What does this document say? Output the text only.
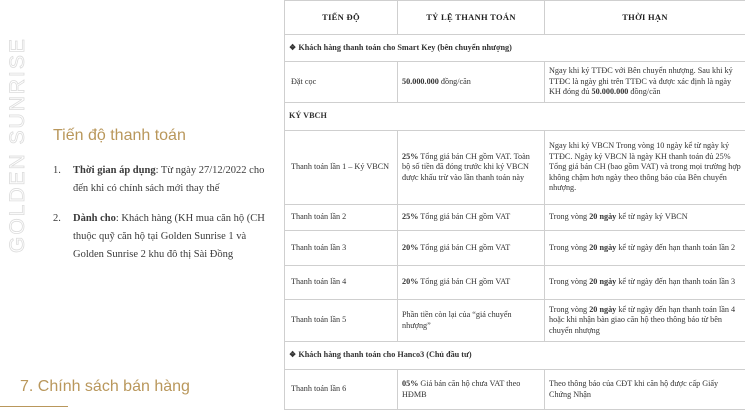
GOLDEN SUNRISE Tiến độ thanh toán
1.	Thời gian áp dụng: Từ ngày 27/12/2022 cho đến khi có chính sách mới thay thế
2.	Dành cho: Khách hàng (KH mua căn hộ (CH thuộc quỹ căn hộ tại Golden Sunrise 1 và Golden Sunrise 2 khu đô thị Sài Đồng
7. Chính sách bán hàng
TIẾN ĐỘ	TỶ LỆ THANH TOÁN	THỜI HẠN
❖ Khách hàng thanh toán cho Smart Key (bên chuyển nhượng)		
Đặt cọc	50.000.000 đồng/căn	Ngay khi ký TTĐC với Bên chuyển nhượng. Sau khi ký TTĐC là ngày ghi trên TTĐC và được xác định là ngày KH đóng đủ 50.000.000 đồng/căn
KÝ VBCH		
Thanh toán lần 1 – Ký VBCN	25% Tổng giá bán CH gồm VAT. Toàn bộ số tiền đã đóng trước khi ký VBCN được khấu trừ vào lần thanh toán này	Ngay khi ký VBCN Trong vòng 10 ngày kể từ ngày ký TTĐC. Ngày ký VBCN là ngày KH thanh toán đủ 25% Tổng giá bán CH (bao gồm VAT) và trong mọi trường hợp không chậm hơn ngày theo thông báo của Bên chuyển nhượng.
Thanh toán lần 2	25% Tổng giá bán CH gồm VAT	Trong vòng 20 ngày kể từ ngày ký VBCN
Thanh toán lần 3	20% Tổng giá bán CH gồm VAT	Trong vòng 20 ngày kể từ ngày đến hạn thanh toán lần 2
Thanh toán lần 4	20% Tổng giá bán CH gồm VAT	Trong vòng 20 ngày kể từ ngày đến hạn thanh toán lần 3
Thanh toán lần 5	Phần tiền còn lại của “giá chuyển nhượng”	Trong vòng 20 ngày kể từ ngày đến hạn thanh toán lần 4 hoặc khi nhận bàn giao căn hộ theo thông báo từ bên chuyển nhượng
❖ Khách hàng thanh toán cho Hanco3 (Chủ đầu tư)		
Thanh toán lần 6	05% Giá bán căn hộ chưa VAT theo HĐMB	Theo thông báo của CĐT khi căn hộ được cấp Giấy Chứng Nhận
